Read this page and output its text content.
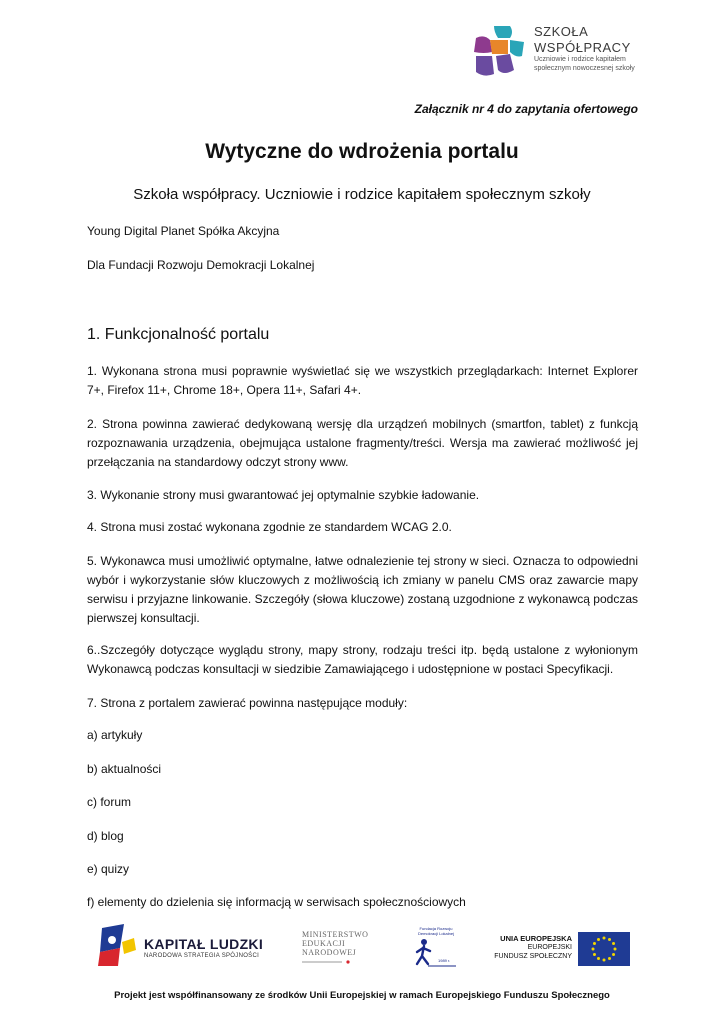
SZKOŁA
WSPÓŁPRACY
Uczniowie i rodzice kapitałem
społecznym nowoczesnej szkoły
Załącznik nr 4 do zapytania ofertowego
Wytyczne do wdrożenia portalu
Szkoła współpracy. Uczniowie i rodzice kapitałem społecznym szkoły
Young Digital Planet Spółka Akcyjna
Dla Fundacji Rozwoju Demokracji Lokalnej
1. Funkcjonalność portalu
1. Wykonana strona musi poprawnie wyświetlać się we wszystkich przeglądarkach: Internet Explorer 7+, Firefox 11+, Chrome 18+, Opera 11+, Safari 4+.
2. Strona powinna zawierać dedykowaną wersję dla urządzeń mobilnych (smartfon, tablet) z funkcją rozpoznawania urządzenia, obejmująca ustalone fragmenty/treści. Wersja ma zawierać możliwość jej przełączania na standardowy odczyt strony www.
3. Wykonanie strony musi gwarantować jej optymalnie szybkie ładowanie.
4. Strona musi zostać wykonana zgodnie ze standardem WCAG 2.0.
5. Wykonawca musi umożliwić optymalne, łatwe odnalezienie tej strony w sieci. Oznacza to odpowiedni wybór i wykorzystanie słów kluczowych z możliwością ich zmiany w panelu CMS oraz zawarcie mapy serwisu i przyjazne linkowanie. Szczegóły (słowa kluczowe) zostaną uzgodnione z wykonawcą podczas pierwszej konsultacji.
6..Szczegóły dotyczące wyglądu strony, mapy strony, rodzaju treści itp. będą ustalone z wyłonionym Wykonawcą podczas konsultacji w siedzibie Zamawiającego i udostępnione w postaci Specyfikacji.
7. Strona z portalem zawierać powinna następujące moduły:
a) artykuły
b) aktualności
c) forum
d) blog
e) quizy
f) elementy do dzielenia się informacją w serwisach społecznościowych
KAPITAŁ LUDZKI
NARODOWA STRATEGIA SPÓJNOŚCI
MINISTERSTWO
EDUKACJI
NARODOWEJ
Fundacja Rozwoju Demokracji Lokalnej
1989 r.
UNIA EUROPEJSKA
EUROPEJSKI
FUNDUSZ SPOŁECZNY
Projekt jest współfinansowany ze środków Unii Europejskiej w ramach Europejskiego Funduszu Społecznego
